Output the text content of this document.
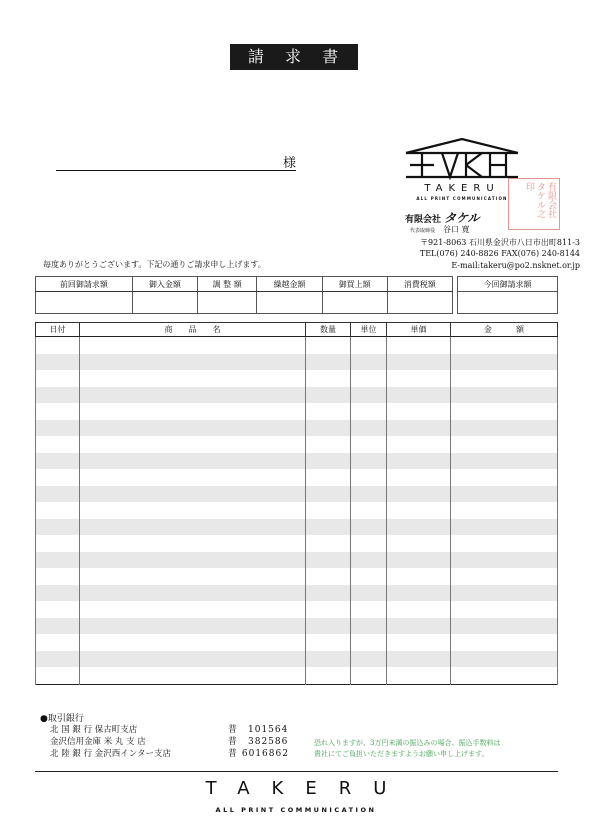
請 求 書
様
TAKERU
ALL PRINT COMMUNICATION	有限会社タケル之印
有限会社 タケル
代表取締役 谷口 寛
〒921-8063 石川県金沢市八日市出町811-3
TEL(076) 240-8826 FAX(076) 240-8144
E-mail:takeru@po2.nsknet.or.jp
毎度ありがとうございます。下記の通りご請求申し上げます。
前回御請求額	御入金額	調 整 額	繰越金額	御買上額	消費税額
						今回御請求額

日付	商　　品　　名	数量	単位	単価	金　　　額

●取引銀行
北 国 銀 行 保古町支店	普　101564
金沢信用金庫 米 丸 支 店	普　382586
北 陸 銀 行 金沢西インター支店	普 6016862
恐れ入りますが、3万円未満の振込みの場合、振込手数料は
貴社にてご負担いただきますようお願い申し上げます。
TAKERU
ALL PRINT COMMUNICATION
